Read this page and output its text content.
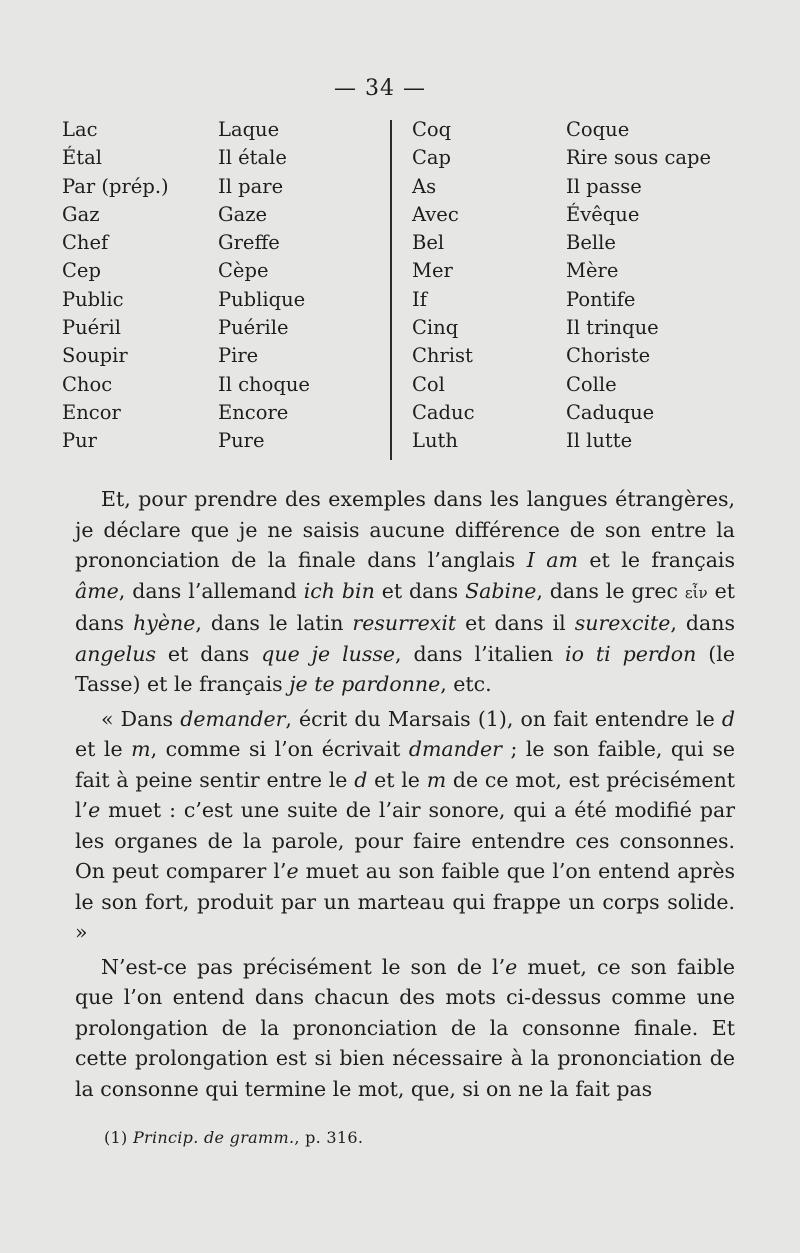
— 34 —
Lac
Étal
Par (prép.)
Gaz
Chef
Cep
Public
Puéril
Soupir
Choc
Encor
Pur
Laque
Il étale
Il pare
Gaze
Greffe
Cèpe
Publique
Puérile
Pire
Il choque
Encore
Pure
Coq
Cap
As
Avec
Bel
Mer
If
Cinq
Christ
Col
Caduc
Luth
Coque
Rire sous cape
Il passe
Évêque
Belle
Mère
Pontife
Il trinque
Choriste
Colle
Caduque
Il lutte

Et, pour prendre des exemples dans les langues étrangères, je déclare que je ne saisis aucune différence de son entre la prononciation de la finale dans l’anglais I am et le français âme, dans l’allemand ich bin et dans Sabine, dans le grec εἶν et dans hyène, dans le latin resurrexit et dans il surexcite, dans angelus et dans que je lusse, dans l’italien io ti perdon (le Tasse) et le français je te pardonne, etc.

« Dans demander, écrit du Marsais (1), on fait entendre le d et le m, comme si l’on écrivait dmander ; le son faible, qui se fait à peine sentir entre le d et le m de ce mot, est précisément l’e muet : c’est une suite de l’air sonore, qui a été modifié par les organes de la parole, pour faire entendre ces consonnes. On peut comparer l’e muet au son faible que l’on entend après le son fort, produit par un marteau qui frappe un corps solide. »

N’est-ce pas précisément le son de l’e muet, ce son faible que l’on entend dans chacun des mots ci-dessus comme une prolongation de la prononciation de la consonne finale. Et cette prolongation est si bien nécessaire à la prononciation de la consonne qui termine le mot, que, si on ne la fait pas

(1) Princip. de gramm., p. 316.
